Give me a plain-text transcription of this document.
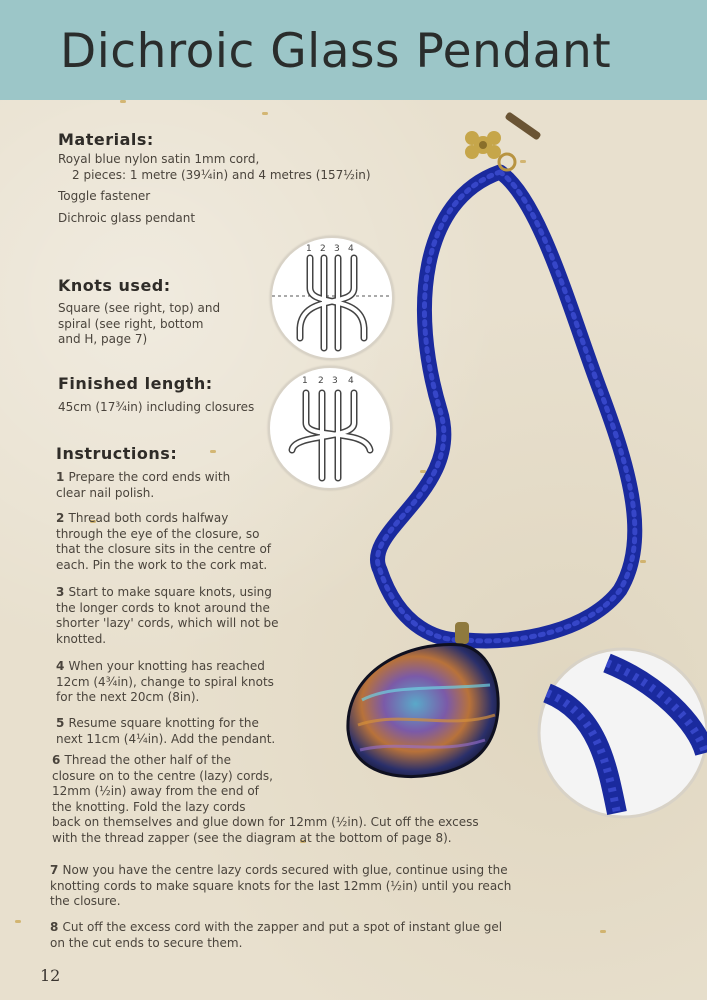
Dichroic Glass Pendant
Materials:

Royal blue nylon satin 1mm cord,

2 pieces: 1 metre (39¼in) and 4 metres (157½in)

Toggle fastener

Dichroic glass pendant

Knots used:

Square (see right, top) and

spiral (see right, bottom

and H, page 7)

Finished length:
45cm (17¾in) including closures
Instructions:
1 Prepare the cord ends with
clear nail polish.
2 Thread both cords halfway
through the eye of the closure, so
that the closure sits in the centre of
each. Pin the work to the cork mat.
3 Start to make square knots, using
the longer cords to knot around the
shorter 'lazy' cords, which will not be
knotted.
4 When your knotting has reached
12cm (4¾in), change to spiral knots
for the next 20cm (8in).
5 Resume square knotting for the
next 11cm (4¼in). Add the pendant.
6 Thread the other half of the
closure on to the centre (lazy) cords,
12mm (½in) away from the end of
the knotting. Fold the lazy cords
back on themselves and glue down for 12mm (½in). Cut off the excess
with the thread zapper (see the diagram at the bottom of page 8).
7 Now you have the centre lazy cords secured with glue, continue using the
knotting cords to make square knots for the last 12mm (½in) until you reach
the closure.
8 Cut off the excess cord with the zapper and put a spot of instant glue gel
on the cut ends to secure them.
12
1 2 3 4
1 2 3 4
